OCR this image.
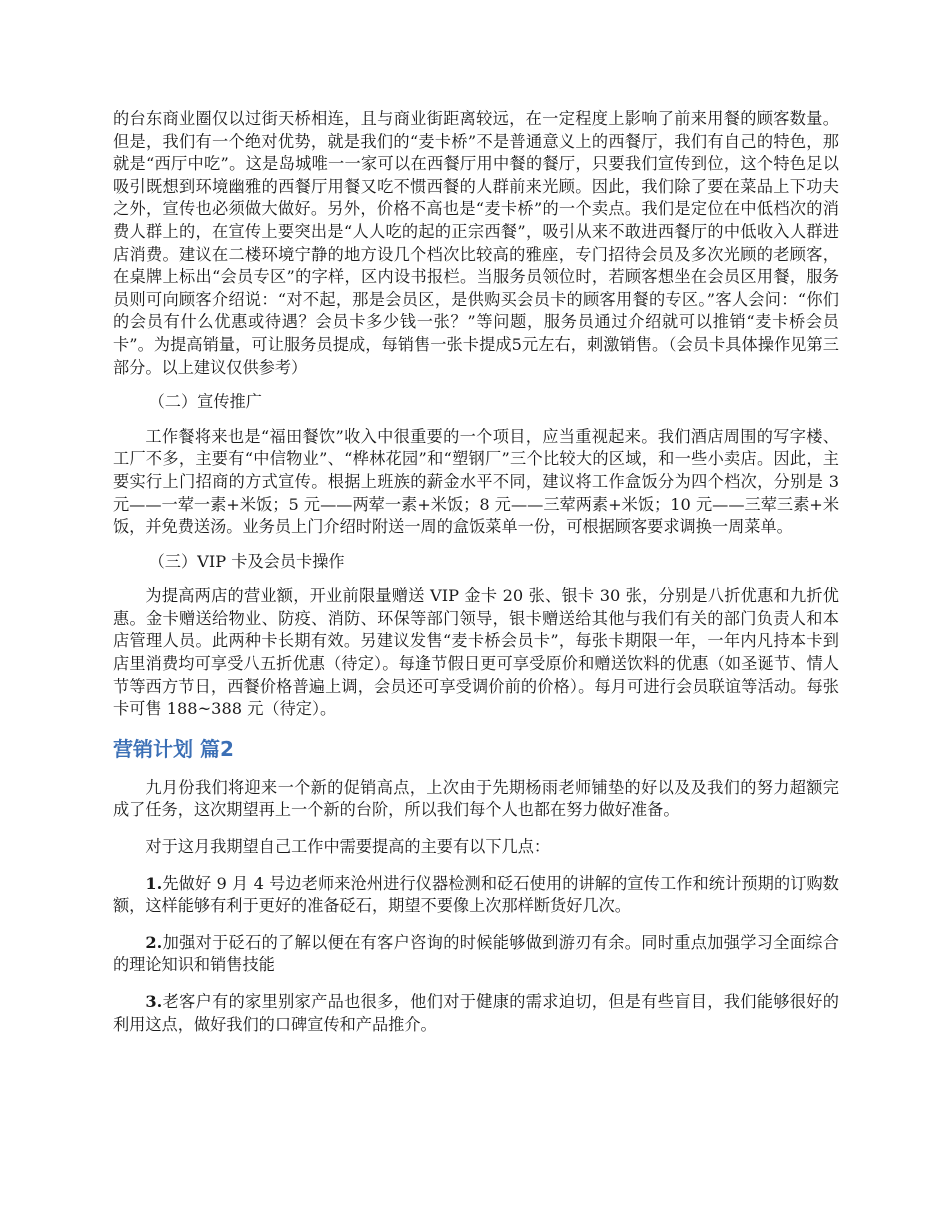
的台东商业圈仅以过街天桥相连，且与商业街距离较远，在一定程度上影响了前来用餐的顾客数量。但是，我们有一个绝对优势，就是我们的“麦卡桥”不是普通意义上的西餐厅，我们有自己的特色，那就是“西厅中吃”。这是岛城唯一一家可以在西餐厅用中餐的餐厅，只要我们宣传到位，这个特色足以吸引既想到环境幽雅的西餐厅用餐又吃不惯西餐的人群前来光顾。因此，我们除了要在菜品上下功夫之外，宣传也必须做大做好。另外，价格不高也是“麦卡桥”的一个卖点。我们是定位在中低档次的消费人群上的，在宣传上要突出是“人人吃的起的正宗西餐”，吸引从来不敢进西餐厅的中低收入人群进店消费。建议在二楼环境宁静的地方设几个档次比较高的雅座，专门招待会员及多次光顾的老顾客，在桌牌上标出“会员专区”的字样，区内设书报栏。当服务员领位时，若顾客想坐在会员区用餐，服务员则可向顾客介绍说：“对不起，那是会员区，是供购买会员卡的顾客用餐的专区。”客人会问：“你们的会员有什么优惠或待遇？会员卡多少钱一张？”等问题，服务员通过介绍就可以推销“麦卡桥会员卡”。为提高销量，可让服务员提成，每销售一张卡提成5元左右，刺激销售。（会员卡具体操作见第三部分。以上建议仅供参考）

（二）宣传推广

工作餐将来也是“福田餐饮”收入中很重要的一个项目，应当重视起来。我们酒店周围的写字楼、工厂不多，主要有“中信物业”、“桦林花园”和“塑钢厂”三个比较大的区域，和一些小卖店。因此，主要实行上门招商的方式宣传。根据上班族的薪金水平不同，建议将工作盒饭分为四个档次，分别是 3 元——一荤一素+米饭；5 元——两荤一素+米饭；8 元——三荤两素+米饭；10 元——三荤三素+米饭，并免费送汤。业务员上门介绍时附送一周的盒饭菜单一份，可根据顾客要求调换一周菜单。

（三）VIP 卡及会员卡操作

为提高两店的营业额，开业前限量赠送 VIP 金卡 20 张、银卡 30 张，分别是八折优惠和九折优惠。金卡赠送给物业、防疫、消防、环保等部门领导，银卡赠送给其他与我们有关的部门负责人和本店管理人员。此两种卡长期有效。另建议发售“麦卡桥会员卡”，每张卡期限一年，一年内凡持本卡到店里消费均可享受八五折优惠（待定）。每逢节假日更可享受原价和赠送饮料的优惠（如圣诞节、情人节等西方节日，西餐价格普遍上调，会员还可享受调价前的价格）。每月可进行会员联谊等活动。每张卡可售 188~388 元（待定）。

营销计划 篇2

九月份我们将迎来一个新的促销高点，上次由于先期杨雨老师铺垫的好以及及我们的努力超额完成了任务，这次期望再上一个新的台阶，所以我们每个人也都在努力做好准备。

对于这月我期望自己工作中需要提高的主要有以下几点：

1.先做好 9 月 4 号边老师来沧州进行仪器检测和砭石使用的讲解的宣传工作和统计预期的订购数额，这样能够有利于更好的准备砭石，期望不要像上次那样断货好几次。

2.加强对于砭石的了解以便在有客户咨询的时候能够做到游刃有余。同时重点加强学习全面综合的理论知识和销售技能

3.老客户有的家里别家产品也很多，他们对于健康的需求迫切，但是有些盲目，我们能够很好的利用这点，做好我们的口碑宣传和产品推介。
